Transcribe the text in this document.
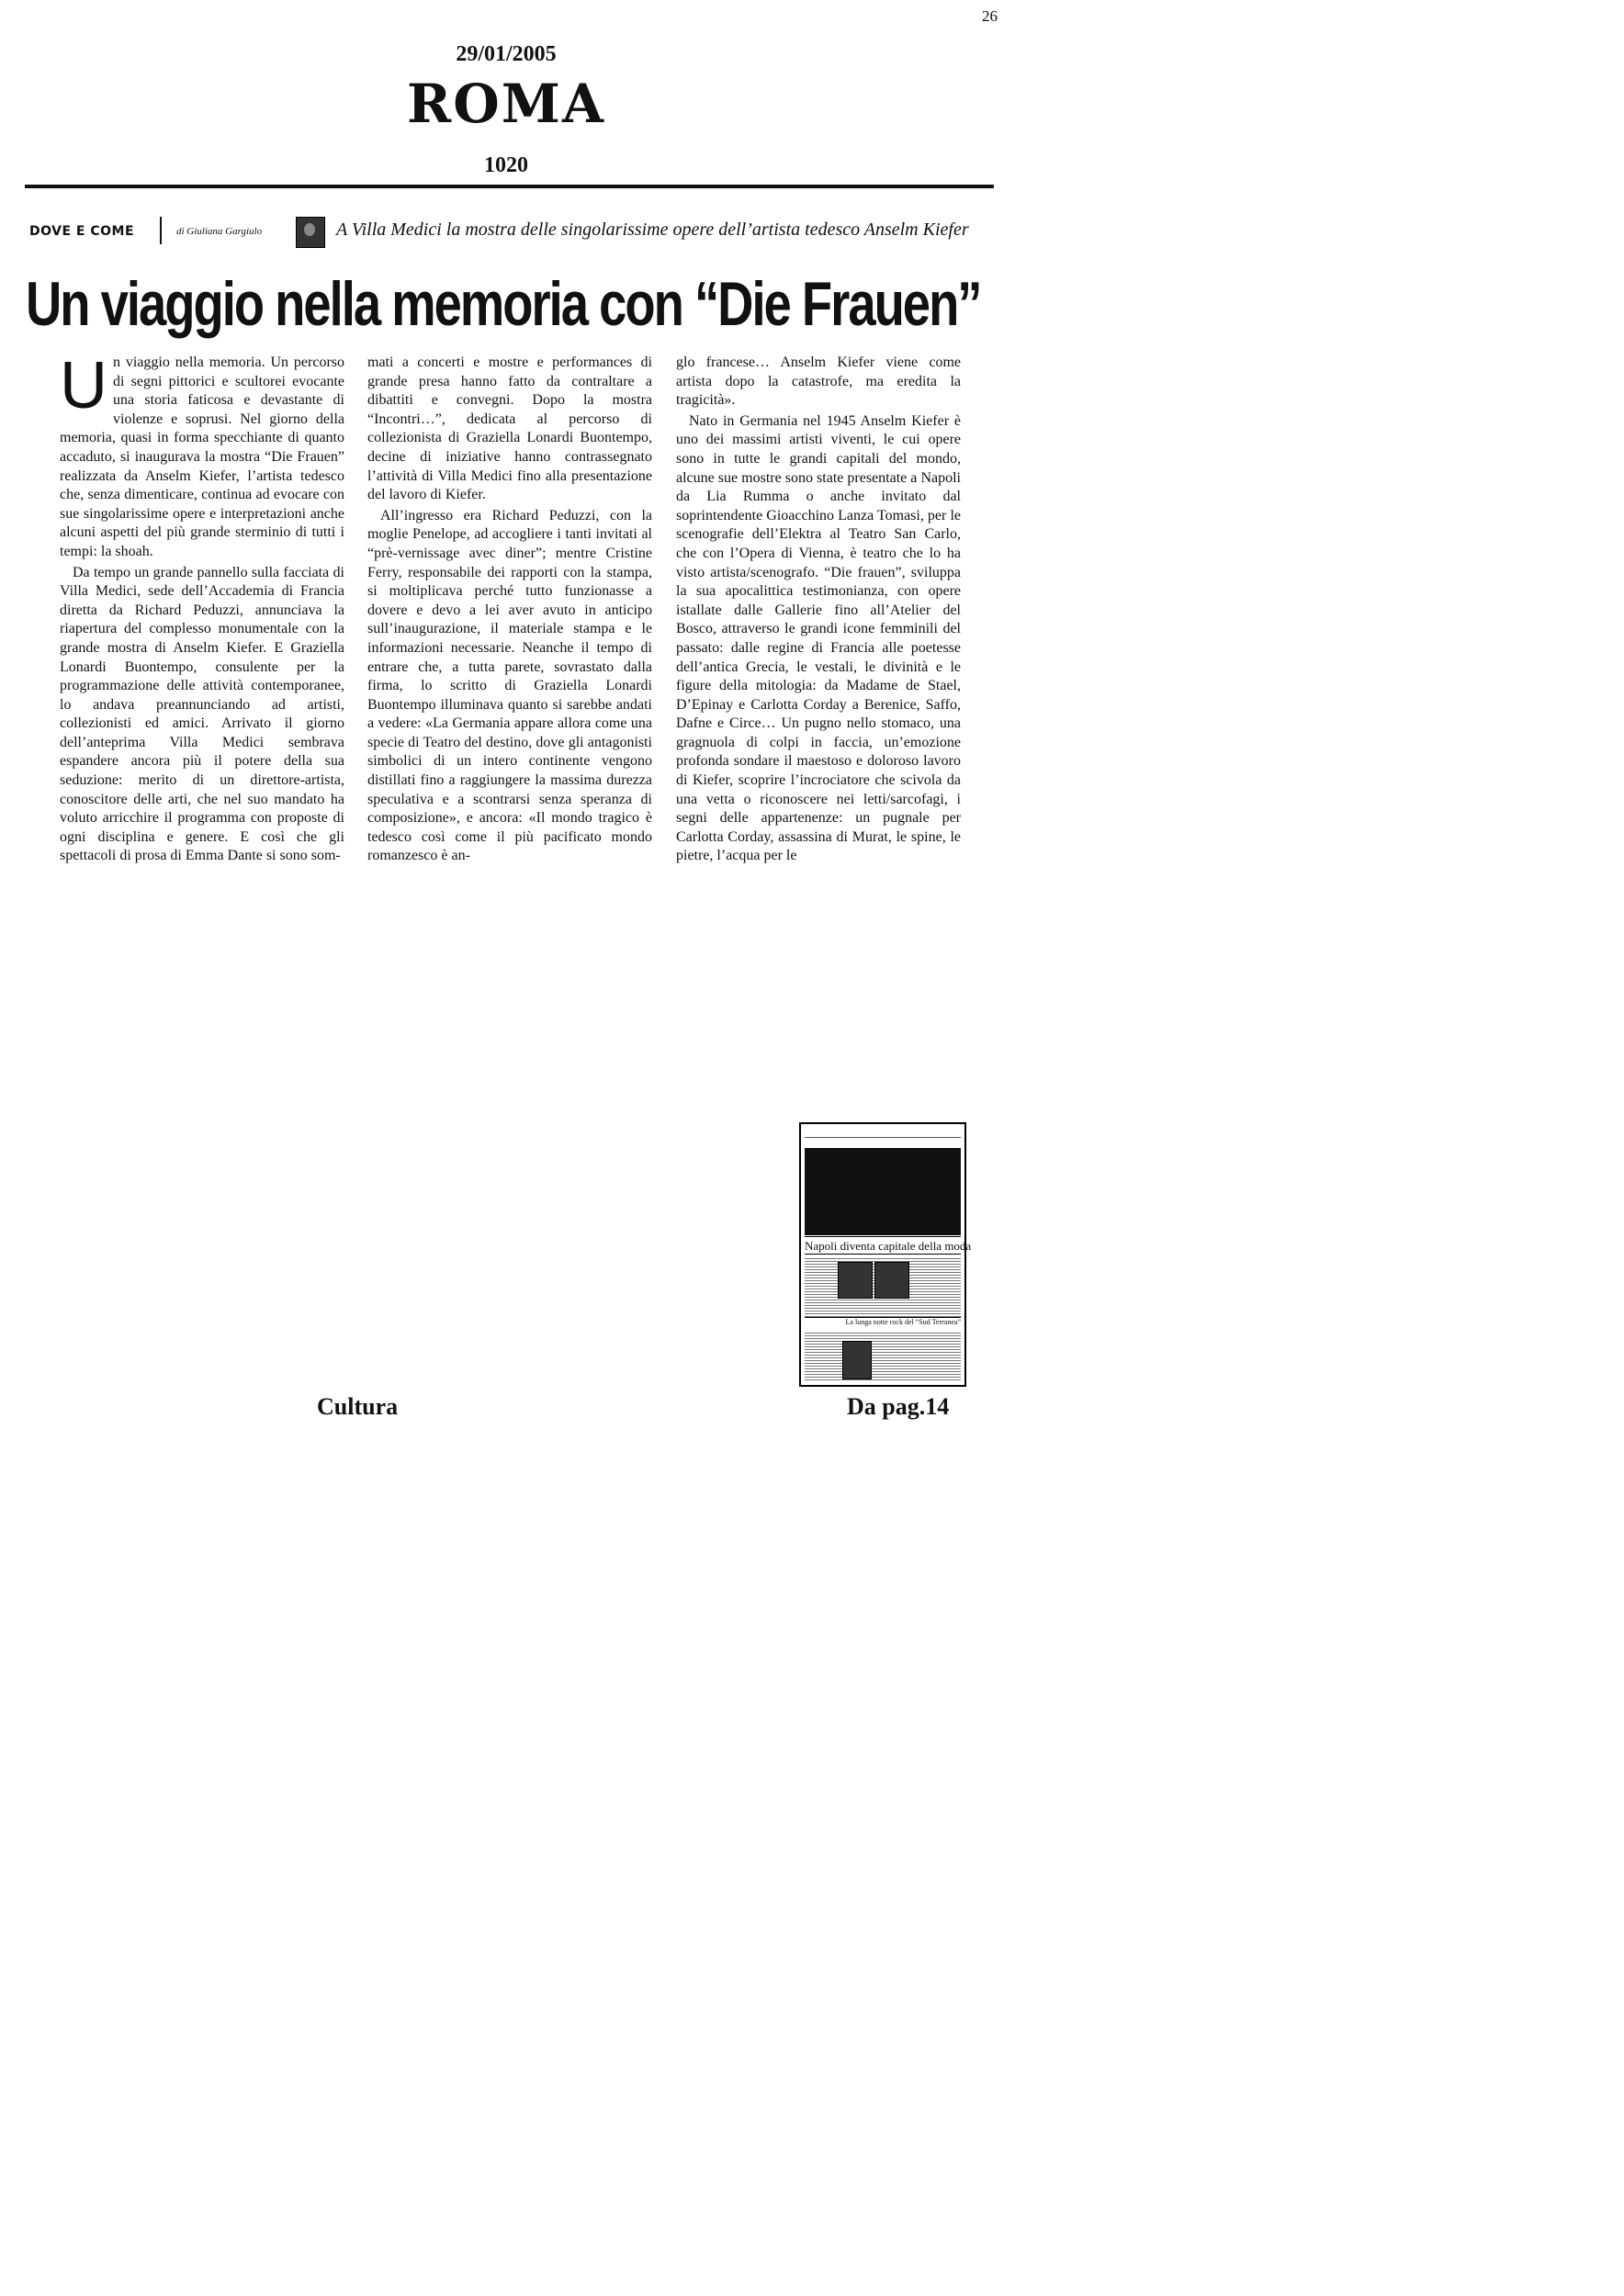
26
29/01/2005
ROMA
1020
DOVE E COME	di Giuliana Gargiulo	A Villa Medici la mostra delle singolarissime opere dell’artista tedesco Anselm Kiefer
Un viaggio nella memoria con “Die Frauen”

Un viaggio nella memoria. Un percorso di segni pittorici e scultorei evocante una storia faticosa e devastante di violenze e soprusi. Nel giorno della memoria, quasi in forma specchiante di quanto accaduto, si inaugurava la mostra “Die Frauen” realizzata da Anselm Kiefer, l’artista tedesco che, senza dimenticare, continua ad evocare con sue singolarissime opere e interpretazioni anche alcuni aspetti del più grande sterminio di tutti i tempi: la shoah.

Da tempo un grande pannello sulla facciata di Villa Medici, sede dell’Accademia di Francia diretta da Richard Peduzzi, annunciava la riapertura del complesso monumentale con la grande mostra di Anselm Kiefer. E Graziella Lonardi Buontempo, consulente per la programmazione delle attività contemporanee, lo andava preannunciando ad artisti, collezionisti ed amici. Arrivato il giorno dell’anteprima Villa Medici sembrava espandere ancora più il potere della sua seduzione: merito di un direttore-artista, conoscitore delle arti, che nel suo mandato ha voluto arricchire il programma con proposte di ogni disciplina e genere. E così che gli spettacoli di prosa di Emma Dante si sono som-

mati a concerti e mostre e performances di grande presa hanno fatto da contraltare a dibattiti e convegni. Dopo la mostra “Incontri…”, dedicata al percorso di collezionista di Graziella Lonardi Buontempo, decine di iniziative hanno contrassegnato l’attività di Villa Medici fino alla presentazione del lavoro di Kiefer.

All’ingresso era Richard Peduzzi, con la moglie Penelope, ad accogliere i tanti invitati al “prè-vernissage avec diner”; mentre Cristine Ferry, responsabile dei rapporti con la stampa, si moltiplicava perché tutto funzionasse a dovere e devo a lei aver avuto in anticipo sull’inaugurazione, il materiale stampa e le informazioni necessarie. Neanche il tempo di entrare che, a tutta parete, sovrastato dalla firma, lo scritto di Graziella Lonardi Buontempo illuminava quanto si sarebbe andati a vedere: «La Germania appare allora come una specie di Teatro del destino, dove gli antagonisti simbolici di un intero continente vengono distillati fino a raggiungere la massima durezza speculativa e a scontrarsi senza speranza di composizione», e ancora: «Il mondo tragico è tedesco così come il più pacificato mondo romanzesco è an-

glo francese… Anselm Kiefer viene come artista dopo la catastrofe, ma eredita la tragicità».

Nato in Germania nel 1945 Anselm Kiefer è uno dei massimi artisti viventi, le cui opere sono in tutte le grandi capitali del mondo, alcune sue mostre sono state presentate a Napoli da Lia Rumma o anche invitato dal soprintendente Gioacchino Lanza Tomasi, per le scenografie dell’Elektra al Teatro San Carlo, che con l’Opera di Vienna, è teatro che lo ha visto artista/scenografo. “Die frauen”, sviluppa la sua apocalittica testimonianza, con opere istallate dalle Gallerie fino all’Atelier del Bosco, attraverso le grandi icone femminili del passato: dalle regine di Francia alle poetesse dell’antica Grecia, le vestali, le divinità e le figure della mitologia: da Madame de Stael, D’Epinay e Carlotta Corday a Berenice, Saffo, Dafne e Circe… Un pugno nello stomaco, una gragnuola di colpi in faccia, un’emozione profonda sondare il maestoso e doloroso lavoro di Kiefer, scoprire l’incrociatore che scivola da una vetta o riconoscere nei letti/sarcofagi, i segni delle appartenenze: un pugnale per Carlotta Corday, assassina di Murat, le spine, le pietre, l’acqua per le

Napoli diventa capitale della moda
La lunga notte rock del “Sud Terranea”
Cultura	Da pag.14
